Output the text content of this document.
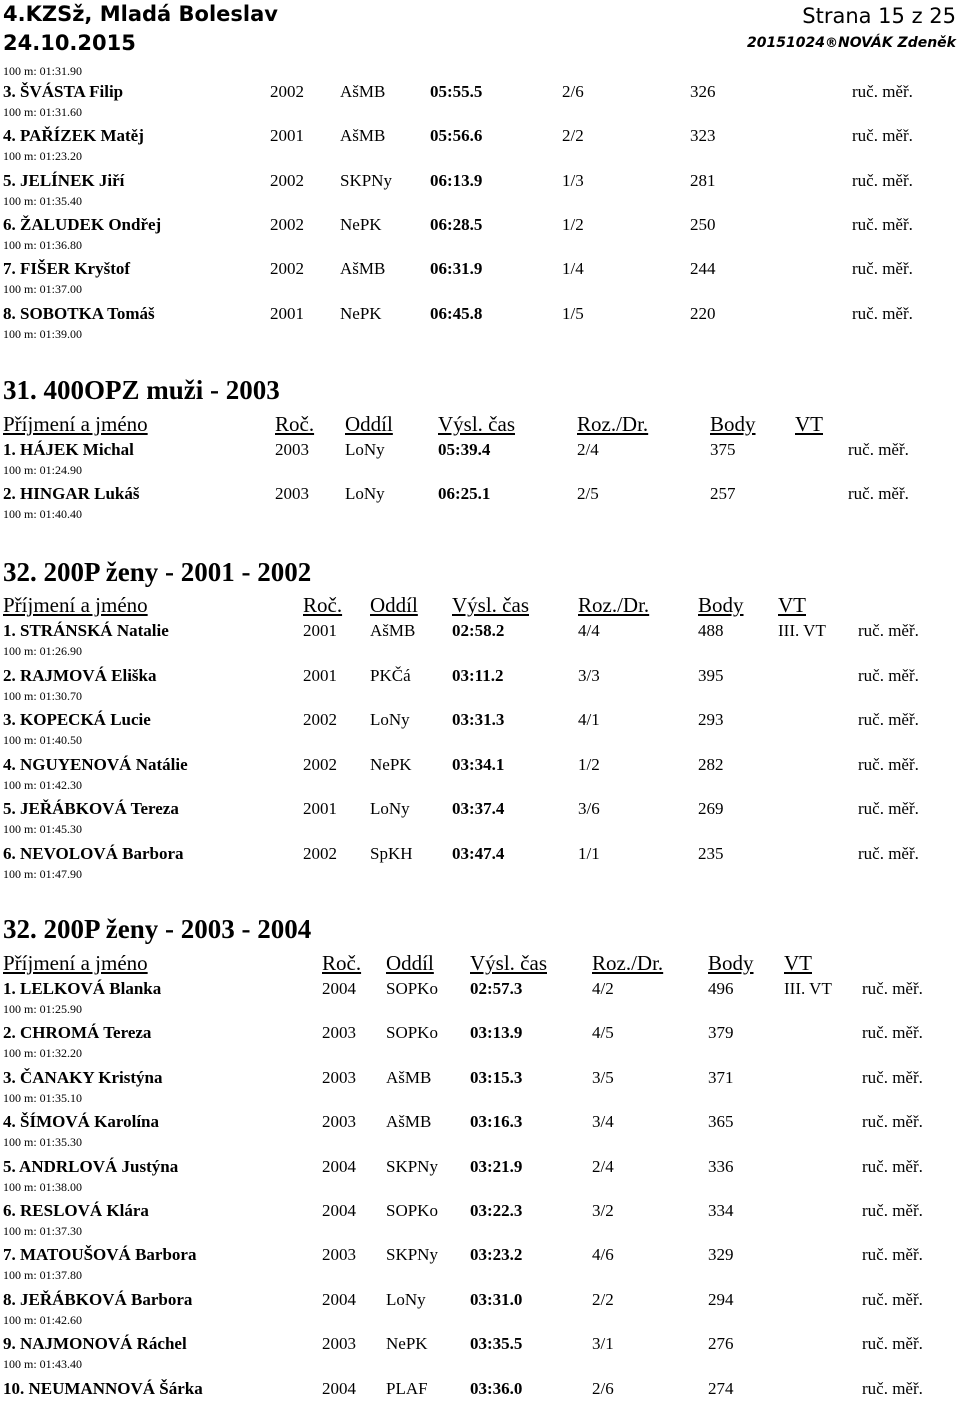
4.KZSž, Mladá Boleslav
24.10.2015
Strana 15 z 25
20151024®NOVÁK Zdeněk
100 m: 01:31.90
3. ŠVÁSTA Filip	2002 AšMB	05:55.5	2/6	326	ruč. měř.
100 m: 01:31.60
4. PAŘÍZEK Matěj	2001 AšMB	05:56.6	2/2	323	ruč. měř.
100 m: 01:23.20
5. JELÍNEK Jiří	2002 SKPNy 06:13.9	1/3	281	ruč. měř.
100 m: 01:35.40
6. ŽALUDEK Ondřej	2002 NePK	06:28.5	1/2	250	ruč. měř.
100 m: 01:36.80
7. FIŠER Kryštof	2002 AšMB	06:31.9	1/4	244	ruč. měř.
100 m: 01:37.00
8. SOBOTKA Tomáš	2001 NePK	06:45.8	1/5	220	ruč. měř.
100 m: 01:39.00
31. 400OPZ muži - 2003
Příjmení a jméno	Roč. Oddíl Výsl. čas	Roz./Dr.	Body VT
1. HÁJEK Michal	2003 LoNy	05:39.4	2/4	375	ruč. měř.
100 m: 01:24.90
2. HINGAR Lukáš	2003 LoNy	06:25.1	2/5	257	ruč. měř.
100 m: 01:40.40
32. 200P ženy - 2001 - 2002
Příjmení a jméno	Roč. Oddíl Výsl. čas Roz./Dr. Body VT
1. STRÁNSKÁ Natalie	2001 AšMB 02:58.2	4/4	488	III. VT ruč. měř.
100 m: 01:26.90
2. RAJMOVÁ Eliška	2001 PKČá 03:11.2	3/3	395	ruč. měř.
100 m: 01:30.70
3. KOPECKÁ Lucie	2002 LoNy 03:31.3	4/1	293	ruč. měř.
100 m: 01:40.50
4. NGUYENOVÁ Natálie	2002 NePK 03:34.1	1/2	282	ruč. měř.
100 m: 01:42.30
5. JEŘÁBKOVÁ Tereza	2001 LoNy 03:37.4	3/6	269	ruč. měř.
100 m: 01:45.30
6. NEVOLOVÁ Barbora	2002 SpKH 03:47.4	1/1	235	ruč. měř.
100 m: 01:47.90
32. 200P ženy - 2003 - 2004
Příjmení a jméno	Roč. Oddíl Výsl. čas Roz./Dr. Body VT
1. LELKOVÁ Blanka	2004 SOPKo 02:57.3	4/2	496	III. VT ruč. měř.
100 m: 01:25.90
2. CHROMÁ Tereza	2003 SOPKo 03:13.9	4/5	379	ruč. měř.
100 m: 01:32.20
3. ČANAKY Kristýna	2003 AšMB 03:15.3	3/5	371	ruč. měř.
100 m: 01:35.10
4. ŠÍMOVÁ Karolína	2003 AšMB 03:16.3	3/4	365	ruč. měř.
100 m: 01:35.30
5. ANDRLOVÁ Justýna	2004 SKPNy 03:21.9	2/4	336	ruč. měř.
100 m: 01:38.00
6. RESLOVÁ Klára	2004 SOPKo 03:22.3	3/2	334	ruč. měř.
100 m: 01:37.30
7. MATOUŠOVÁ Barbora	2003 SKPNy 03:23.2	4/6	329	ruč. měř.
100 m: 01:37.80
8. JEŘÁBKOVÁ Barbora	2004 LoNy	03:31.0	2/2	294	ruč. měř.
100 m: 01:42.60
9. NAJMONOVÁ Ráchel	2003 NePK 03:35.5	3/1	276	ruč. měř.
100 m: 01:43.40
10. NEUMANNOVÁ Šárka	2004 PLAF 03:36.0	2/6	274	ruč. měř.
